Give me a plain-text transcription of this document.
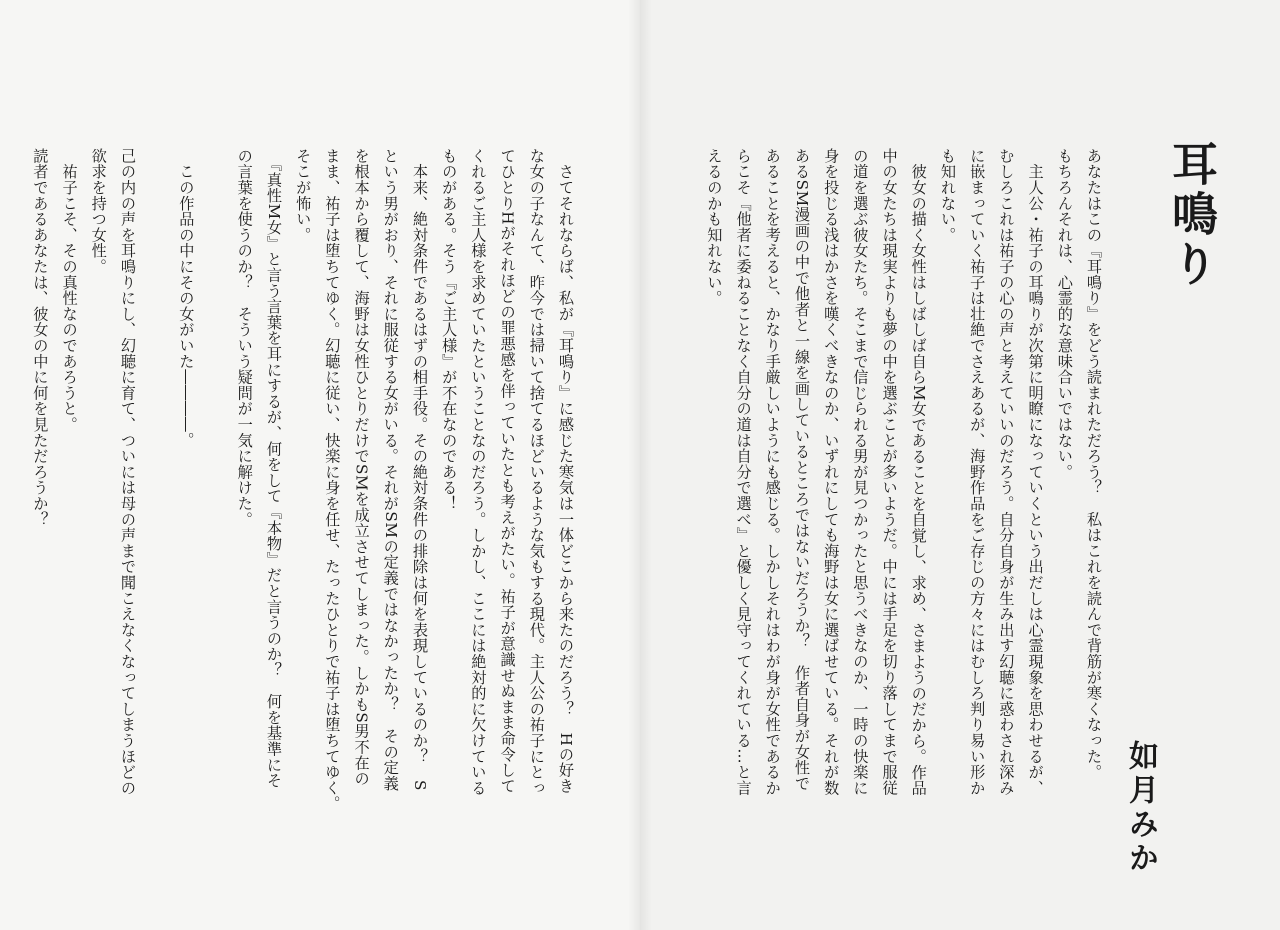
耳鳴り
如月みか
あなたはこの『耳鳴り』をどう読まれただろう？　私はこれを読んで背筋が寒くなった。
もちろんそれは、心霊的な意味合いではない。
　主人公・祐子の耳鳴りが次第に明瞭になっていくという出だしは心霊現象を思わせるが、
むしろこれは祐子の心の声と考えていいのだろう。自分自身が生み出す幻聴に惑わされ深み
に嵌まっていく祐子は壮絶でさえあるが、海野作品をご存じの方々にはむしろ判り易い形か
も知れない。
　彼女の描く女性はしばしば自らM女であることを自覚し、求め、さまようのだから。作品
中の女たちは現実よりも夢の中を選ぶことが多いようだ。中には手足を切り落してまで服従
の道を選ぶ彼女たち。そこまで信じられる男が見つかったと思うべきなのか、一時の快楽に
身を投じる浅はかさを嘆くべきなのか、いずれにしても海野は女に選ばせている。それが数
あるSM漫画の中で他者と一線を画しているところではないだろうか？　作者自身が女性で
あることを考えると、かなり手厳しいようにも感じる。しかしそれはわが身が女性であるか
らこそ『他者に委ねることなく自分の道は自分で選べ』と優しく見守ってくれている…と言
えるのかも知れない。
　さてそれならば、私が『耳鳴り』に感じた寒気は一体どこから来たのだろう？　Hの好き
な女の子なんて、昨今では掃いて捨てるほどいるような気もする現代。主人公の祐子にとっ
てひとりHがそれほどの罪悪感を伴っていたとも考えがたい。祐子が意識せぬまま命令して
くれるご主人様を求めていたということなのだろう。しかし、ここには絶対的に欠けている
ものがある。そう『ご主人様』が不在なのである！
　本来、絶対条件であるはずの相手役。その絶対条件の排除は何を表現しているのか？　S
という男がおり、それに服従する女がいる。それがSMの定義ではなかったか？　その定義
を根本から覆して、海野は女性ひとりだけでSMを成立させてしまった。しかもS男不在の
まま、祐子は堕ちてゆく。幻聴に従い、快楽に身を任せ、たったひとりで祐子は堕ちてゆく。
そこが怖い。
　『真性M女』と言う言葉を耳にするが、何をして『本物』だと言うのか？　何を基準にそ
の言葉を使うのか？　そういう疑問が一気に解けた。

　この作品の中にその女がいた――――。

己の内の声を耳鳴りにし、幻聴に育て、ついには母の声まで聞こえなくなってしまうほどの
欲求を持つ女性。
　祐子こそ、その真性なのであろうと。
読者であるあなたは、彼女の中に何を見ただろうか？
